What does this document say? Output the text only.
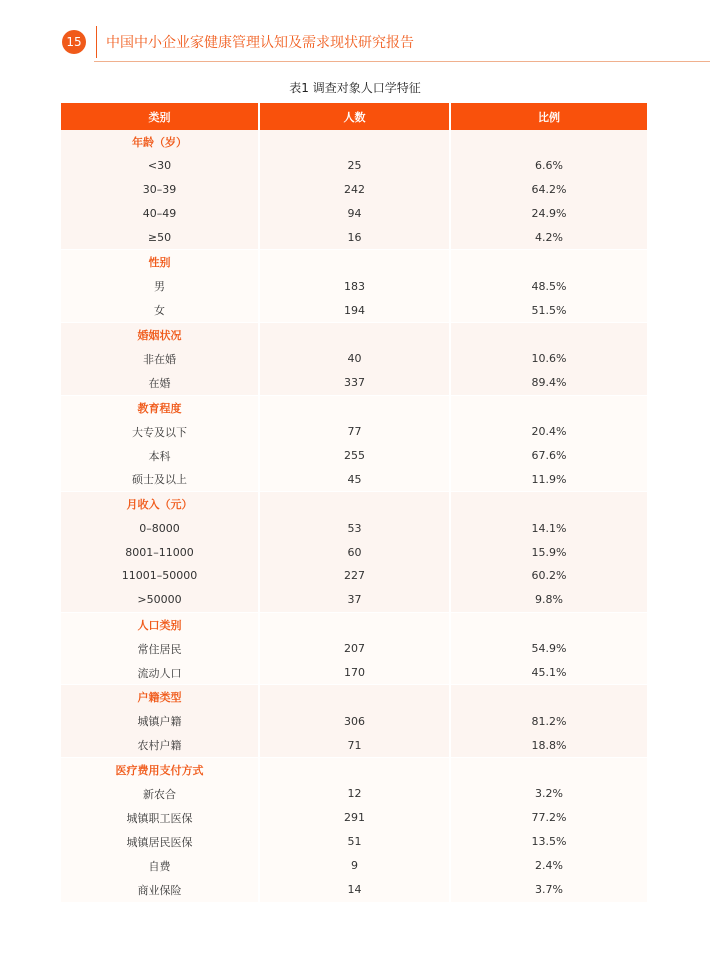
15	中国中小企业家健康管理认知及需求现状研究报告
表1 调查对象人口学特征
类别	人数	比例
年龄（岁）
<30	25	6.6%
30–39	242	64.2%
40–49	94	24.9%
≥50	16	4.2%
性别
男	183	48.5%
女	194	51.5%
婚姻状况
非在婚	40	10.6%
在婚	337	89.4%
教育程度
大专及以下	77	20.4%
本科	255	67.6%
硕士及以上	45	11.9%
月收入（元）
0–8000	53	14.1%
8001–11000	60	15.9%
11001–50000	227	60.2%
>50000	37	9.8%
人口类别
常住居民	207	54.9%
流动人口	170	45.1%
户籍类型
城镇户籍	306	81.2%
农村户籍	71	18.8%
医疗费用支付方式
新农合	12	3.2%
城镇职工医保	291	77.2%
城镇居民医保	51	13.5%
自费	9	2.4%
商业保险	14	3.7%
